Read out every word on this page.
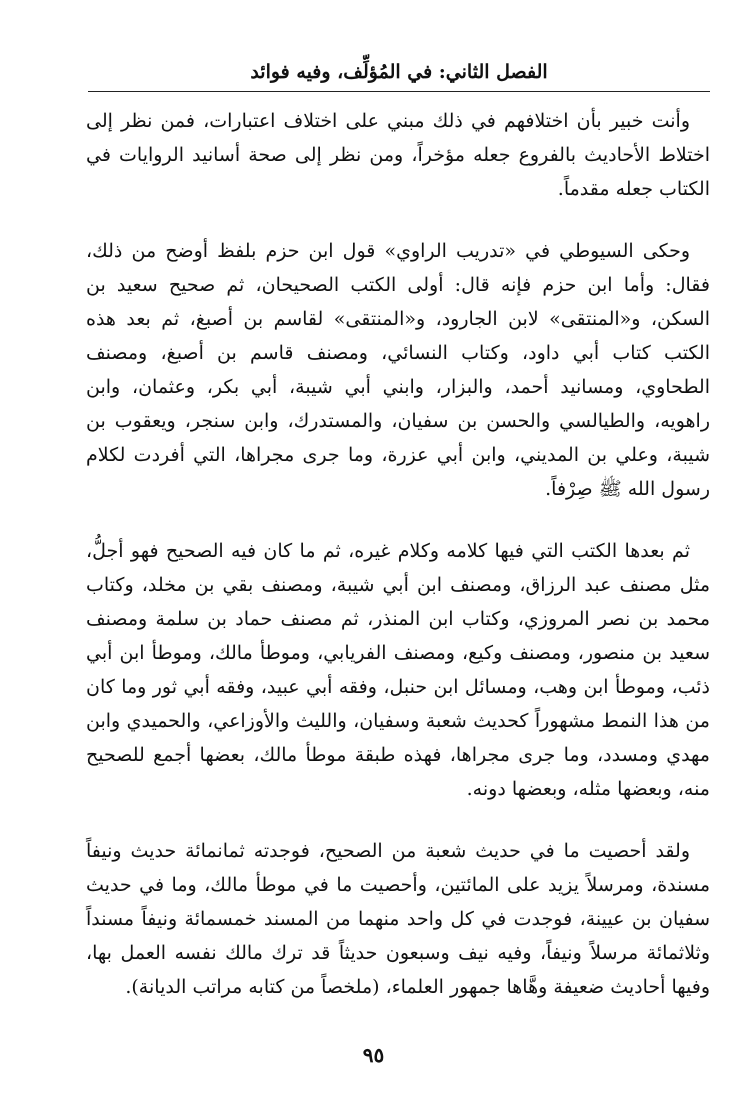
الفصل الثاني: في المُؤلِّف، وفيه فوائد

وأنت خبير بأن اختلافهم في ذلك مبني على اختلاف اعتبارات، فمن نظر إلى اختلاط الأحاديث بالفروع جعله مؤخراً، ومن نظر إلى صحة أسانيد الروايات في الكتاب جعله مقدماً.

وحكى السيوطي في «تدريب الراوي» قول ابن حزم بلفظ أوضح من ذلك، فقال: وأما ابن حزم فإنه قال: أولى الكتب الصحيحان، ثم صحيح سعيد بن السكن، و«المنتقى» لابن الجارود، و«المنتقى» لقاسم بن أصبغ، ثم بعد هذه الكتب كتاب أبي داود، وكتاب النسائي، ومصنف قاسم بن أصبغ، ومصنف الطحاوي، ومسانيد أحمد، والبزار، وابني أبي شيبة، أبي بكر، وعثمان، وابن راهويه، والطيالسي والحسن بن سفيان، والمستدرك، وابن سنجر، ويعقوب بن شيبة، وعلي بن المديني، وابن أبي عزرة، وما جرى مجراها، التي أفردت لكلام رسول الله ﷺ صِرْفاً.

ثم بعدها الكتب التي فيها كلامه وكلام غيره، ثم ما كان فيه الصحيح فهو أجلُّ، مثل مصنف عبد الرزاق، ومصنف ابن أبي شيبة، ومصنف بقي بن مخلد، وكتاب محمد بن نصر المروزي، وكتاب ابن المنذر، ثم مصنف حماد بن سلمة ومصنف سعيد بن منصور، ومصنف وكيع، ومصنف الفريابي، وموطأ مالك، وموطأ ابن أبي ذئب، وموطأ ابن وهب، ومسائل ابن حنبل، وفقه أبي عبيد، وفقه أبي ثور وما كان من هذا النمط مشهوراً كحديث شعبة وسفيان، والليث والأوزاعي، والحميدي وابن مهدي ومسدد، وما جرى مجراها، فهذه طبقة موطأ مالك، بعضها أجمع للصحيح منه، وبعضها مثله، وبعضها دونه.

ولقد أحصيت ما في حديث شعبة من الصحيح، فوجدته ثمانمائة حديث ونيفاً مسندة، ومرسلاً يزيد على المائتين، وأحصيت ما في موطأ مالك، وما في حديث سفيان بن عيينة، فوجدت في كل واحد منهما من المسند خمسمائة ونيفاً مسنداً وثلاثمائة مرسلاً ونيفاً، وفيه نيف وسبعون حديثاً قد ترك مالك نفسه العمل بها، وفيها أحاديث ضعيفة وهَّاها جمهور العلماء، (ملخصاً من كتابه مراتب الديانة).

٩٥
